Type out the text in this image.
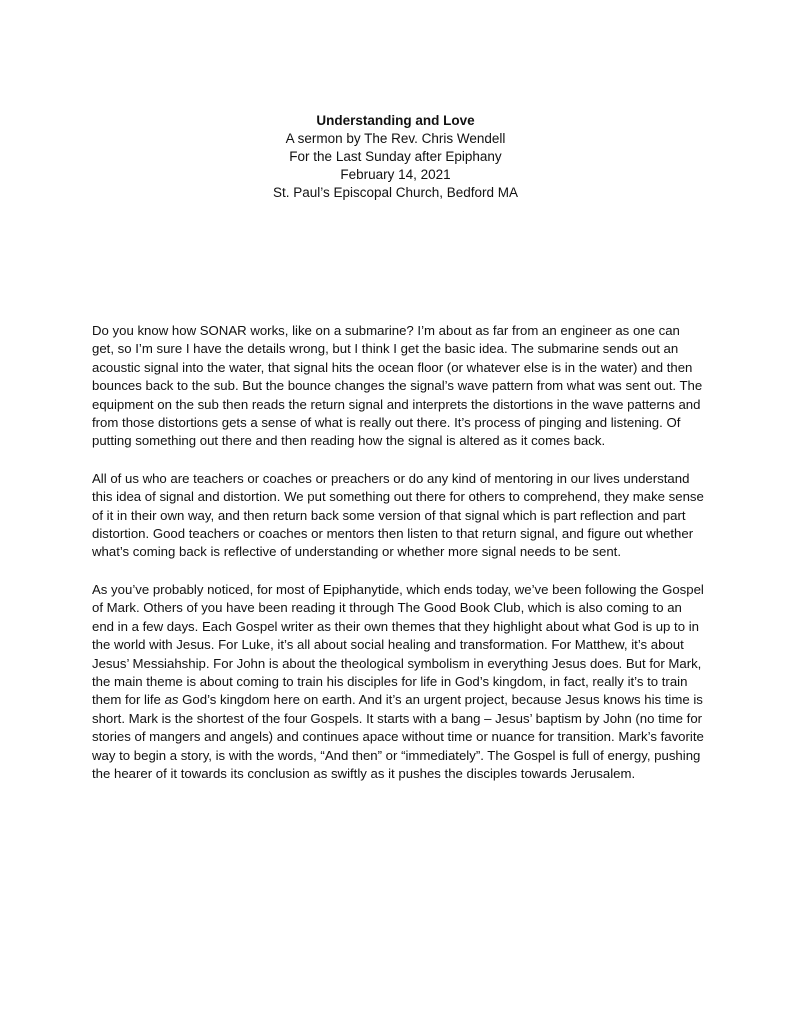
Understanding and Love
A sermon by The Rev. Chris Wendell
For the Last Sunday after Epiphany
February 14, 2021
St. Paul’s Episcopal Church, Bedford MA

Do you know how SONAR works, like on a submarine? I’m about as far from an engineer as one can get, so I’m sure I have the details wrong, but I think I get the basic idea. The submarine sends out an acoustic signal into the water, that signal hits the ocean floor (or whatever else is in the water) and then bounces back to the sub. But the bounce changes the signal’s wave pattern from what was sent out. The equipment on the sub then reads the return signal and interprets the distortions in the wave patterns and from those distortions gets a sense of what is really out there. It’s process of pinging and listening. Of putting something out there and then reading how the signal is altered as it comes back.

All of us who are teachers or coaches or preachers or do any kind of mentoring in our lives understand this idea of signal and distortion. We put something out there for others to comprehend, they make sense of it in their own way, and then return back some version of that signal which is part reflection and part distortion. Good teachers or coaches or mentors then listen to that return signal, and figure out whether what’s coming back is reflective of understanding or whether more signal needs to be sent.

As you’ve probably noticed, for most of Epiphanytide, which ends today, we’ve been following the Gospel of Mark. Others of you have been reading it through The Good Book Club, which is also coming to an end in a few days. Each Gospel writer as their own themes that they highlight about what God is up to in the world with Jesus. For Luke, it’s all about social healing and transformation. For Matthew, it’s about Jesus’ Messiahship. For John is about the theological symbolism in everything Jesus does. But for Mark, the main theme is about coming to train his disciples for life in God’s kingdom, in fact, really it’s to train them for life as God’s kingdom here on earth. And it’s an urgent project, because Jesus knows his time is short. Mark is the shortest of the four Gospels. It starts with a bang – Jesus’ baptism by John (no time for stories of mangers and angels) and continues apace without time or nuance for transition. Mark’s favorite way to begin a story, is with the words, “And then” or “immediately”. The Gospel is full of energy, pushing the hearer of it towards its conclusion as swiftly as it pushes the disciples towards Jerusalem.
